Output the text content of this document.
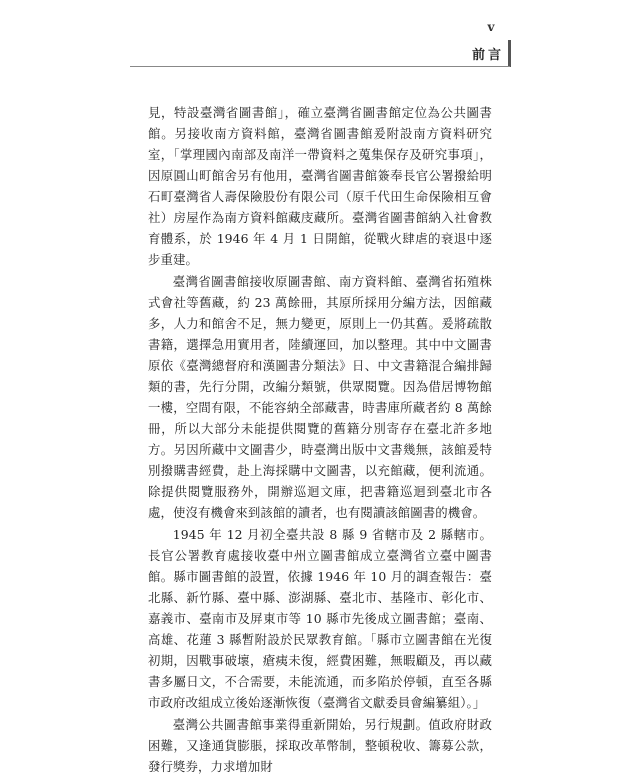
v
前言

見，特設臺灣省圖書館」，確立臺灣省圖書館定位為公共圖書館。另接收南方資料館，臺灣省圖書館爰附設南方資料研究室，「掌理國內南部及南洋一帶資料之蒐集保存及研究事項」，因原圓山町館舍另有他用，臺灣省圖書館簽奉長官公署撥給明石町臺灣省人壽保險股份有限公司（原千代田生命保險相互會社）房屋作為南方資料館藏庋藏所。臺灣省圖書館納入社會教育體系，於 1946 年 4 月 1 日開館，從戰火肆虐的衰退中逐步重建。

臺灣省圖書館接收原圖書館、南方資料館、臺灣省拓殖株式會社等舊藏，約 23 萬餘冊，其原所採用分編方法，因館藏多，人力和館舍不足，無力變更，原則上一仍其舊。爰將疏散書籍，選擇急用實用者，陸續運回，加以整理。其中中文圖書原依《臺灣總督府和漢圖書分類法》日、中文書籍混合編排歸類的書，先行分開，改編分類號，供眾閱覽。因為借居博物館一樓，空間有限，不能容納全部藏書，時書庫所藏者約 8 萬餘冊，所以大部分未能提供閱覽的舊籍分別寄存在臺北許多地方。另因所藏中文圖書少，時臺灣出版中文書幾無，該館爰特別撥購書經費，赴上海採購中文圖書，以充館藏，便利流通。除提供閱覽服務外，開辦巡迴文庫，把書籍巡迴到臺北市各處，使沒有機會來到該館的讀者，也有閱讀該館圖書的機會。

1945 年 12 月初全臺共設 8 縣 9 省轄市及 2 縣轄市。長官公署教育處接收臺中州立圖書館成立臺灣省立臺中圖書館。縣市圖書館的設置，依據 1946 年 10 月的調查報告：臺北縣、新竹縣、臺中縣、澎湖縣、臺北市、基隆市、彰化市、嘉義市、臺南市及屏東市等 10 縣市先後成立圖書館；臺南、高雄、花蓮 3 縣暫附設於民眾教育館。「縣市立圖書館在光復初期，因戰事破壞，瘡痍未復，經費困難，無暇顧及，再以藏書多屬日文，不合需要，未能流通，而多陷於停頓，直至各縣市政府改組成立後始逐漸恢復（臺灣省文獻委員會編纂組）。」

臺灣公共圖書館事業得重新開始，另行規劃。值政府財政困難，又逢通貨膨脹，採取改革幣制，整頓稅收、籌募公款，發行獎券，力求增加財
